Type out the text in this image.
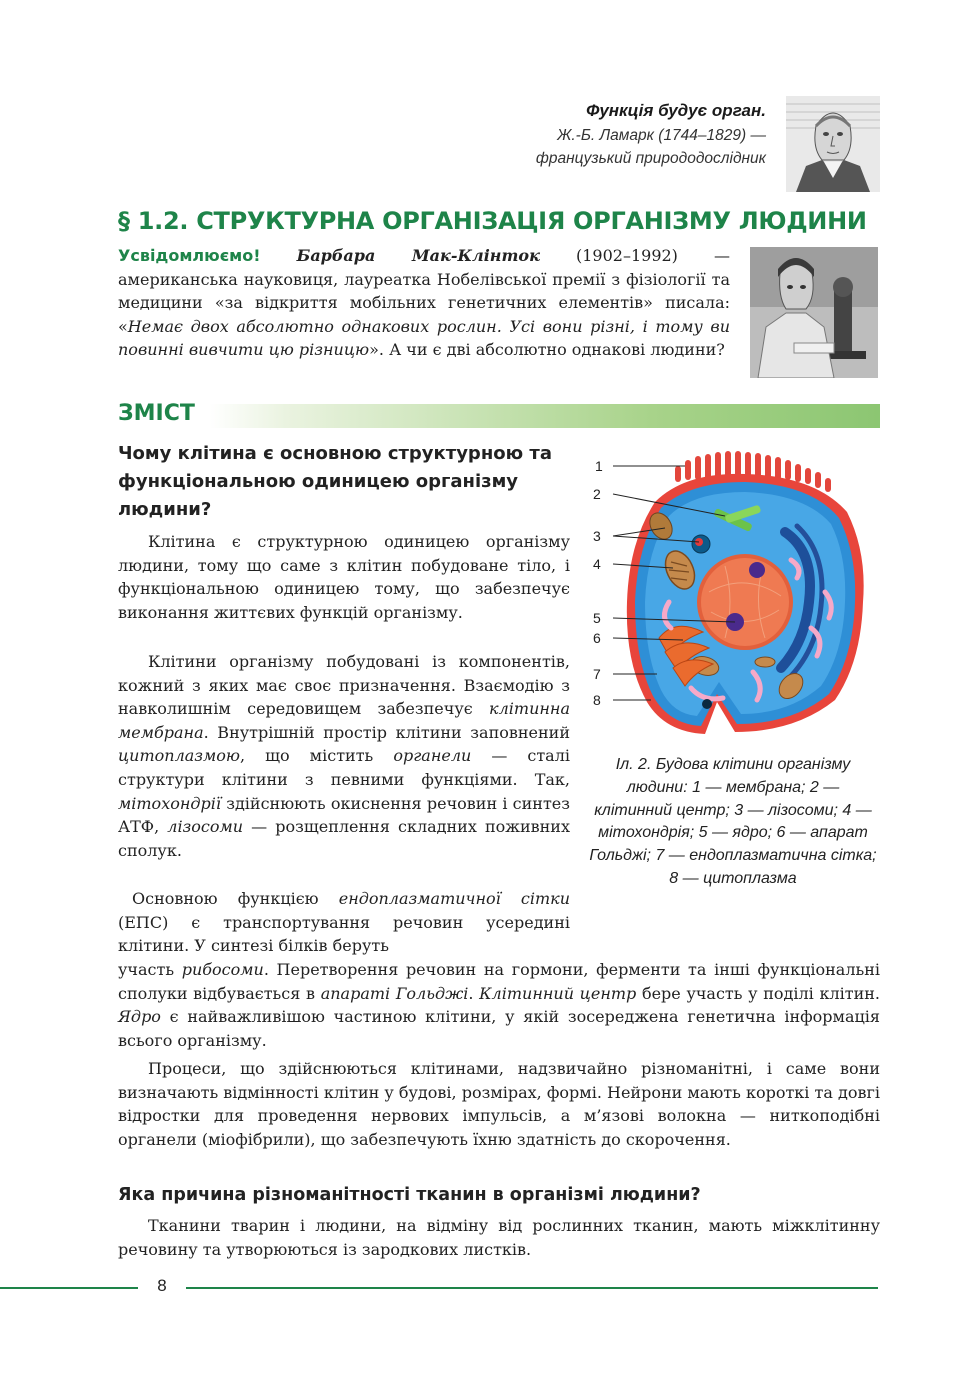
Функція будує орган.
Ж.-Б. Ламарк (1744–1829) —
французький природодослідник
§ 1.2. СТРУКТУРНА ОРГАНІЗАЦІЯ ОРГАНІЗМУ ЛЮДИНИ
Усвідомлюємо! Барбара Мак-Клінток (1902–1992) — американська науковиця, лауреатка Нобелівської премії з фізіології та медицини «за відкриття мобільних генетичних елементів» писала: «Немає двох абсолютно однакових рослин. Усі вони різні, і тому ви повинні вивчити цю різницю». А чи є дві абсолютно однакові людини?
ЗМІСТ
Чому клітина є основною структурною та функціональною одиницею організму людини?
Клітина є структурною одиницею організму людини, тому що саме з клітин побудоване тіло, і функціональною одиницею тому, що забезпечує виконання життєвих функцій організму.
Клітини організму побудовані із компонентів, кожний з яких має своє призначення. Взаємодію з навколишнім середовищем забезпечує клітинна мембрана. Внутрішній простір клітини заповнений цитоплазмою, що містить органели — сталі структури клітини з певними функціями. Так, мітохондрії здійснюють окиснення речовин і синтез АТФ, лізосоми — розщеплення складних поживних сполук.
Основною функцією ендоплазматичної сітки (ЕПС) є транспортування речовин усередині клітини. У синтезі білків беруть
участь рибосоми. Перетворення речовин на гормони, ферменти та інші функціональні сполуки відбувається в апараті Гольджі. Клітинний центр бере участь у поділі клітин. Ядро є найважливішою частиною клітини, у якій зосереджена генетична інформація всього організму.
Процеси, що здійснюються клітинами, надзвичайно різноманітні, і саме вони визначають відмінності клітин у будові, розмірах, формі. Нейрони мають короткі та довгі відростки для проведення нервових імпульсів, а м’язові волокна — ниткоподібні органели (міофібрили), що забезпечують їхню здатність до скорочення.
Яка причина різноманітності тканин в організмі людини?
Тканини тварин і людини, на відміну від рослинних тканин, мають міжклітинну речовину та утворюються із зародкових листків.
1
2
3
4
5
6
7
8
Іл. 2. Будова клітини організму людини: 1 — мембрана; 2 — клітинний центр; 3 — лізосоми; 4 — мітохондрія; 5 — ядро; 6 — апарат Гольджі; 7 — ендоплазматична сітка; 8 — цитоплазма
8
